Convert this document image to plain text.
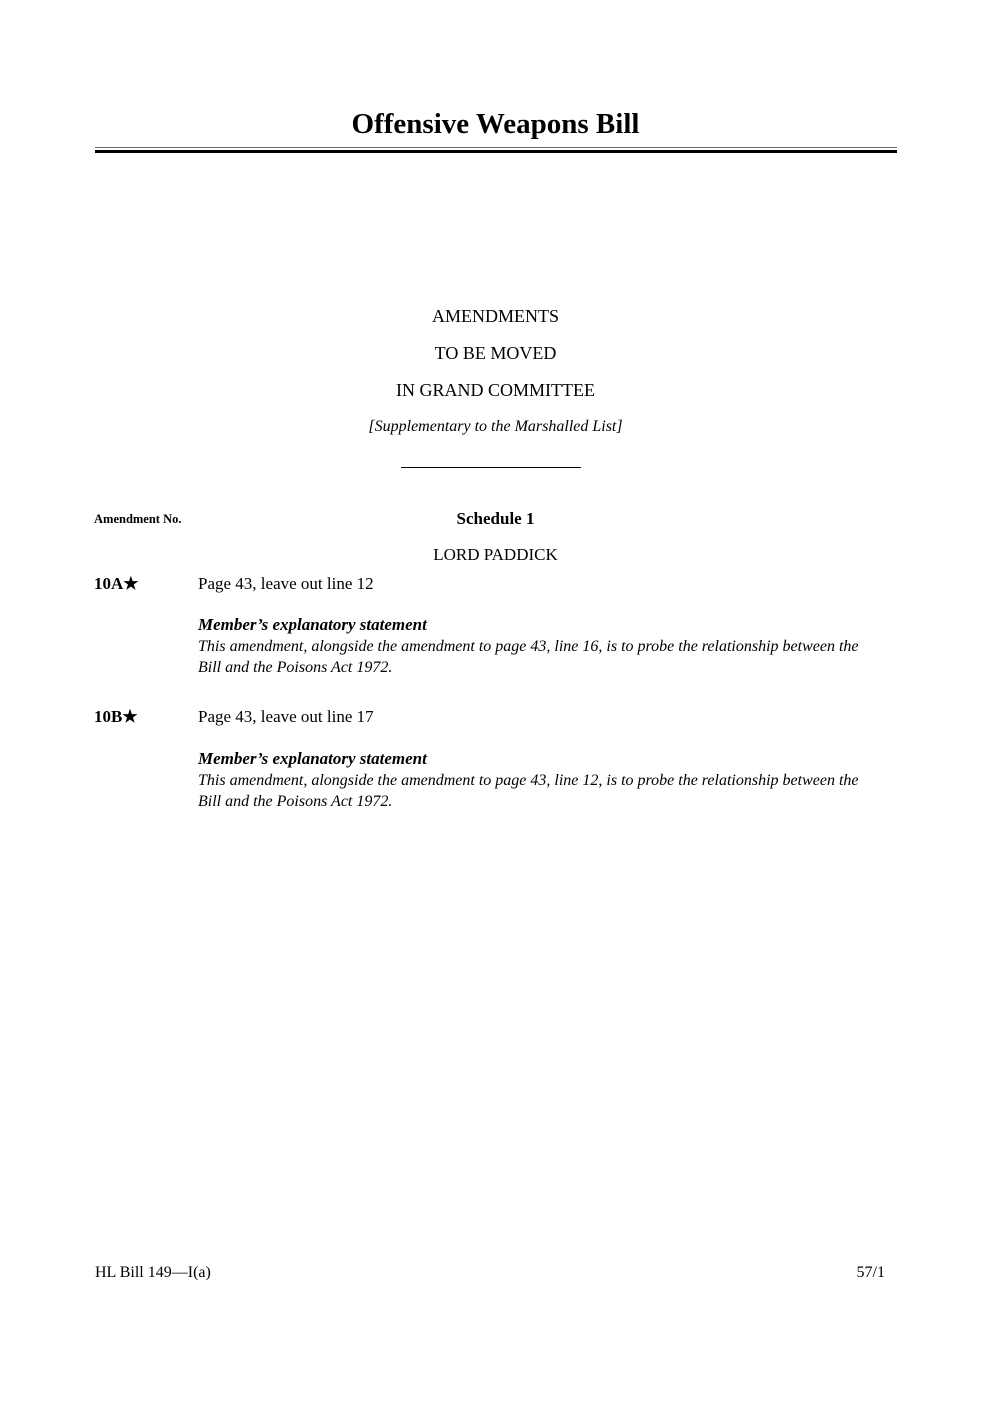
Offensive Weapons Bill
AMENDMENTS
TO BE MOVED
IN GRAND COMMITTEE
[Supplementary to the Marshalled List]
Amendment No.	Schedule 1
LORD PADDICK
10A★	Page 43, leave out line 12
Member’s explanatory statement
This amendment, alongside the amendment to page 43, line 16, is to probe the relationship between the Bill and the Poisons Act 1972.
10B★	Page 43, leave out line 17
Member’s explanatory statement
This amendment, alongside the amendment to page 43, line 12, is to probe the relationship between the Bill and the Poisons Act 1972.
HL Bill 149—I(a)	57/1
